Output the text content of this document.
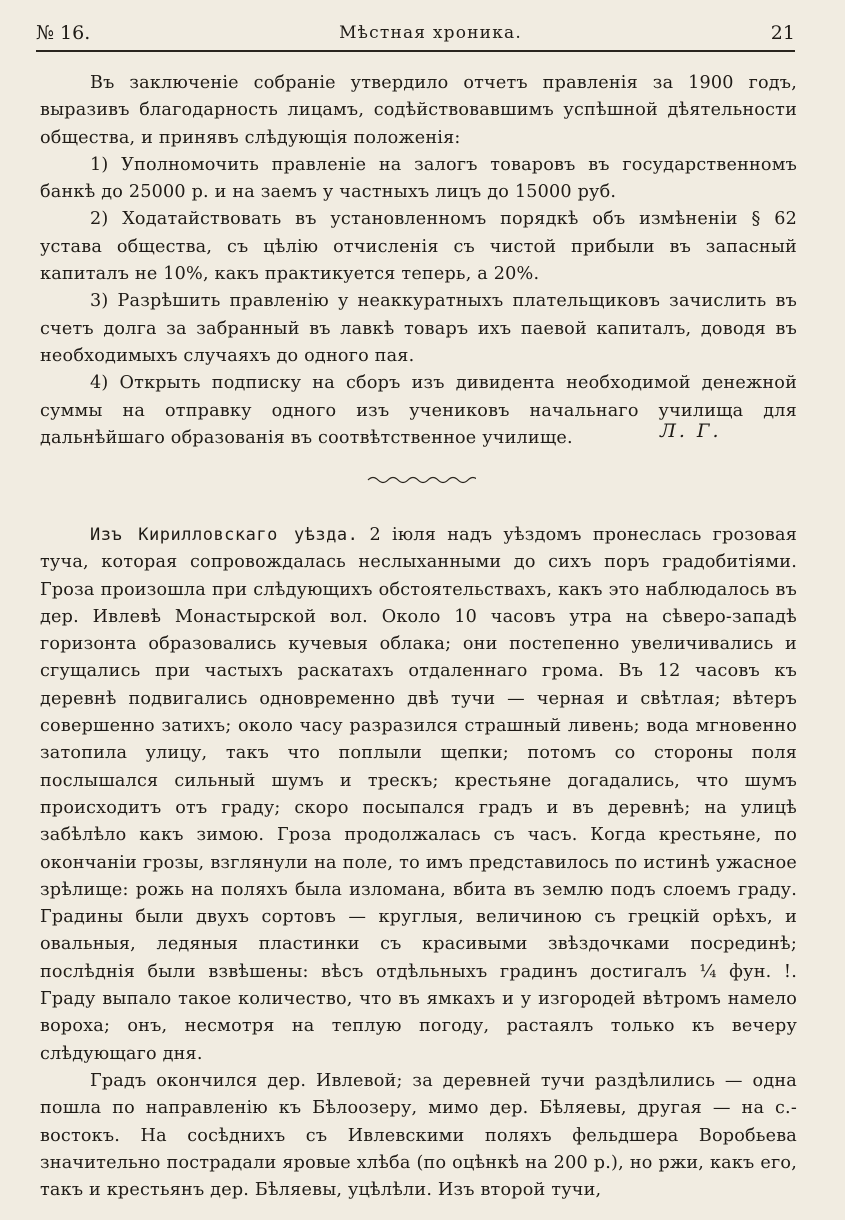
№ 16.	Мѣстная хроника.	21

Въ заключеніе собраніе утвердило отчетъ правленія за 1900 годъ, выразивъ благодарность лицамъ, содѣйствовавшимъ успѣшной дѣятельности общества, и принявъ слѣдующія положенія:

1) Уполномочить правленіе на залогъ товаровъ въ государственномъ банкѣ до 25000 р. и на заемъ у частныхъ лицъ до 15000 руб.

2) Ходатайствовать въ установленномъ порядкѣ объ измѣненіи § 62 устава общества, съ цѣлію отчисленія съ чистой прибыли въ запасный капиталъ не 10%, какъ практикуется теперь, а 20%.

3) Разрѣшить правленію у неаккуратныхъ плательщиковъ зачислить въ счетъ долга за забранный въ лавкѣ товаръ ихъ паевой капиталъ, доводя въ необходимыхъ случаяхъ до одного пая.

4) Открыть подписку на сборъ изъ дивидента необходимой денежной суммы на отправку одного изъ учениковъ начальнаго училища для дальнѣйшаго образованія въ соотвѣтственное училище.	Л. Г.

Изъ Кирилловскаго уѣзда. 2 іюля надъ уѣздомъ пронеслась грозовая туча, которая сопровождалась неслыханными до сихъ поръ градобитіями. Гроза произошла при слѣдующихъ обстоятельствахъ, какъ это наблюдалось въ дер. Ивлевѣ Монастырской вол. Около 10 часовъ утра на сѣверо-западѣ горизонта образовались кучевыя облака; они постепенно увеличивались и сгущались при частыхъ раскатахъ отдаленнаго грома. Въ 12 часовъ къ деревнѣ подвигались одновременно двѣ тучи — черная и свѣтлая; вѣтеръ совершенно затихъ; около часу разразился страшный ливень; вода мгновенно затопила улицу, такъ что поплыли щепки; потомъ со стороны поля послышался сильный шумъ и трескъ; крестьяне догадались, что шумъ происходитъ отъ граду; скоро посыпался градъ и въ деревнѣ; на улицѣ забѣлѣло какъ зимою. Гроза продолжалась съ часъ. Когда крестьяне, по окончаніи грозы, взглянули на поле, то имъ представилось по истинѣ ужасное зрѣлище: рожь на поляхъ была изломана, вбита въ землю подъ слоемъ граду. Градины были двухъ сортовъ — круглыя, величиною съ грецкій орѣхъ, и овальныя, ледяныя пластинки съ красивыми звѣздочками посрединѣ; послѣднія были взвѣшены: вѣсъ отдѣльныхъ градинъ достигалъ ¼ фун. !. Граду выпало такое количество, что въ ямкахъ и у изгородей вѣтромъ намело вороха; онъ, несмотря на теплую погоду, растаялъ только къ вечеру слѣдующаго дня.

Градъ окончился дер. Ивлевой; за деревней тучи раздѣлились — одна пошла по направленію къ Бѣлоозеру, мимо дер. Бѣляевы, другая — на с.-востокъ. На сосѣднихъ съ Ивлевскими поляхъ фельдшера Воробьева значительно пострадали яровые хлѣба (по оцѣнкѣ на 200 р.), но ржи, какъ его, такъ и крестьянъ дер. Бѣляевы, уцѣлѣли. Изъ второй тучи,
